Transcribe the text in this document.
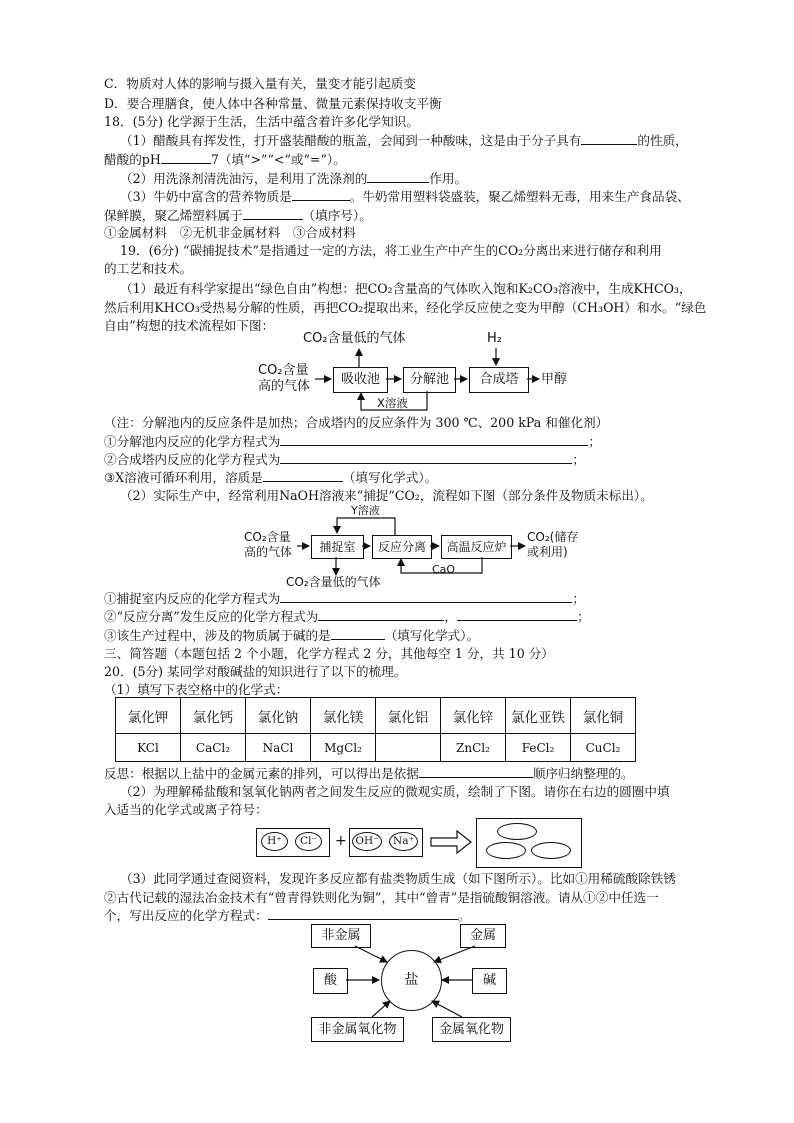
C．物质对人体的影响与摄入量有关，量变才能引起质变
D．要合理膳食，使人体中各种常量、微量元素保持收支平衡
18．(5分) 化学源于生活，生活中蕴含着许多化学知识。
（1）醋酸具有挥发性，打开盛装醋酸的瓶盖，会闻到一种酸味，这是由于分子具有	的性质，
醋酸的pH	7（填“>”“<”或“=”）。
（2）用洗涤剂清洗油污，是利用了洗涤剂的	作用。
（3）牛奶中富含的营养物质是	。牛奶常用塑料袋盛装，聚乙烯塑料无毒，用来生产食品袋、
保鲜膜，聚乙烯塑料属于	（填序号）。
①金属材料　②无机非金属材料　③合成材料
19．(6分) “碳捕捉技术”是指通过一定的方法，将工业生产中产生的CO₂分离出来进行储存和利用
的工艺和技术。
（1）最近有科学家提出“绿色自由”构想：把CO₂含量高的气体吹入饱和K₂CO₃溶液中，生成KHCO₃，
然后利用KHCO₃受热易分解的性质，再把CO₂提取出来，经化学反应使之变为甲醇（CH₃OH）和水。“绿色
自由”构想的技术流程如下图：
CO₂含量低的气体	H₂
CO₂含量
高的气体	吸收池	分解池	合成塔	甲醇
X溶液
（注：分解池内的反应条件是加热；合成塔内的反应条件为 300 ℃、200 kPa 和催化剂）
①分解池内反应的化学方程式为	；
②合成塔内反应的化学方程式为	；
③X溶液可循环利用，溶质是	（填写化学式）。
（2）实际生产中，经常利用NaOH溶液来“捕捉”CO₂，流程如下图（部分条件及物质未标出）。
Y溶液
CO₂含量
高的气体	捕捉室	反应分离	高温反应炉
CO₂(储存
或利用)
CaO
CO₂含量低的气体
①捕捉室内反应的化学方程式为	；
②“反应分离”发生反应的化学方程式为	，	；
③该生产过程中，涉及的物质属于碱的是	（填写化学式）。
三、简答题（本题包括 2 个小题，化学方程式 2 分，其他每空 1 分，共 10 分）
20．(5分) 某同学对酸碱盐的知识进行了以下的梳理。
（1）填写下表空格中的化学式：
氯化钾	氯化钙	氯化钠	氯化镁	氯化铝	氯化锌	氯化亚铁	氯化铜
KCl	CaCl₂	NaCl	MgCl₂		ZnCl₂	FeCl₂	CuCl₂
反思：根据以上盐中的金属元素的排列，可以得出是依据	顺序归纳整理的。
（2）为理解稀盐酸和氢氧化钠两者之间发生反应的微观实质，绘制了下图。请你在右边的圆圈中填
入适当的化学式或离子符号：
H⁺	Cl⁻	+ OH⁻	Na⁺
（3）此同学通过查阅资料，发现许多反应都有盐类物质生成（如下图所示）。比如①用稀硫酸除铁锈
②古代记载的湿法冶金技术有“曾青得铁则化为铜”，其中“曾青”是指硫酸铜溶液。请从①②中任选一
个，写出反应的化学方程式：	。
非金属	金属
酸	盐	碱
非金属氧化物	金属氧化物
